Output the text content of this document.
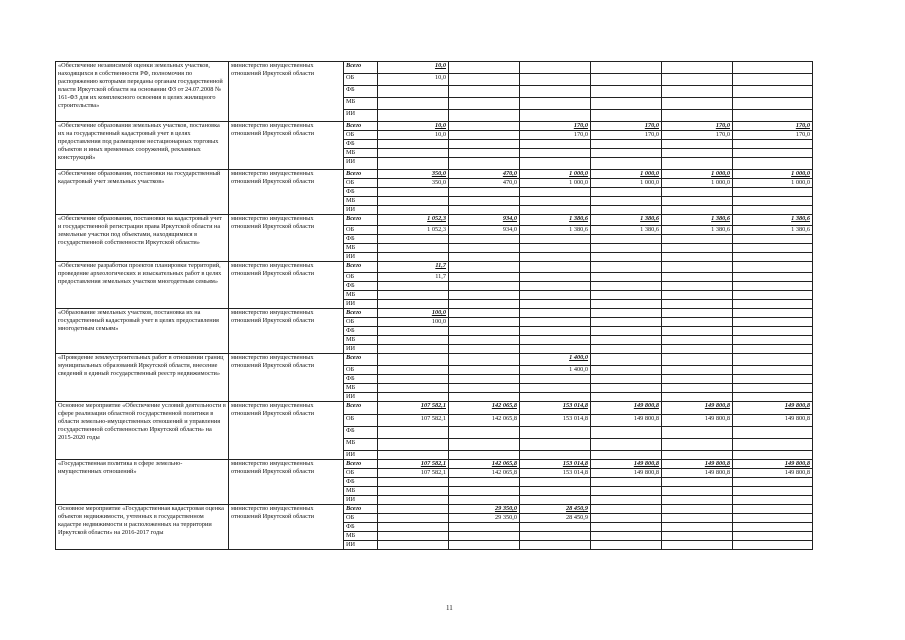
«Обеспечение независимой оценки земельных участков, находящихся в собственности РФ, полномочия по распоряжению которыми переданы органам государственной власти Иркутской области на основании ФЗ от 24.07.2008 № 161-ФЗ для их комплексного освоения в целях жилищного строительства»	министерство имущественных отношений Иркутской области	Всего	10,0					
		ОБ	10,0					
		ФБ						
		МБ						
		ИИ						
«Обеспечение образования земельных участков, постановка их на государственный кадастровый учет в целях предоставления под размещение нестационарных торговых объектов и иных временных сооружений, рекламных конструкций»	министерство имущественных отношений Иркутской области	Всего	10,0		170,0	170,0	170,0	170,0
		ОБ	10,0		170,0	170,0	170,0	170,0
		ФБ						
		МБ						
		ИИ						
«Обеспечение образования, постановки на государственный кадастровый учет земельных участков»	министерство имущественных отношений Иркутской области	Всего	350,0	470,0	1 000,0	1 000,0	1 000,0	1 000,0
		ОБ	350,0	470,0	1 000,0	1 000,0	1 000,0	1 000,0
		ФБ						
		МБ						
		ИИ						
«Обеспечение образования, постановки на кадастровый учет и государственной регистрации права Иркутской области на земельные участки под объектами, находящимися в государственной собственности Иркутской области»	министерство имущественных отношений Иркутской области	Всего	1 052,3	934,0	1 380,6	1 380,6	1 380,6	1 380,6
		ОБ	1 052,3	934,0	1 380,6	1 380,6	1 380,6	1 380,6
		ФБ						
		МБ						
		ИИ						
«Обеспечение разработки проектов планировки территорий, проведение археологических и изыскательных работ в целях предоставления земельных участков многодетным семьям»	министерство имущественных отношений Иркутской области	Всего	11,7					
		ОБ	11,7					
		ФБ						
		МБ						
		ИИ						
«Образование земельных участков, постановка их на государственный кадастровый учет в целях предоставления многодетным семьям»	министерство имущественных отношений Иркутской области	Всего	100,0					
		ОБ	100,0					
		ФБ						
		МБ						
		ИИ						
«Проведение землеустроительных работ в отношении границ муниципальных образований Иркутской области, внесение сведений в единый государственный реестр недвижимости»	министерство имущественных отношений Иркутской области	Всего			1 400,0			
		ОБ			1 400,0			
		ФБ						
		МБ						
		ИИ						
Основное мероприятие «Обеспечение условий деятельности в сфере реализации областной государственной политики в области земельно-имущественных отношений и управления государственной собственностью Иркутской области» на 2015-2020 годы	министерство имущественных отношений Иркутской области	Всего	107 582,1	142 065,8	153 014,8	149 800,8	149 800,8	149 800,8
		ОБ	107 582,1	142 065,8	153 014,8	149 800,8	149 800,8	149 800,8
		ФБ						
		МБ						
		ИИ						
«Государственная политика в сфере земельно-имущественных отношений»	министерство имущественных отношений Иркутской области	Всего	107 582,1	142 065,8	153 014,8	149 800,8	149 800,8	149 800,8
		ОБ	107 582,1	142 065,8	153 014,8	149 800,8	149 800,8	149 800,8
		ФБ						
		МБ						
		ИИ						
Основное мероприятие «Государственная кадастровая оценка объектов недвижимости, учтенных в государственном кадастре недвижимости и расположенных на территории Иркутской области» на 2016-2017 годы	министерство имущественных отношений Иркутской области	Всего		29 350,0	28 450,9			
		ОБ		29 350,0	28 450,9			
		ФБ						
		МБ						
		ИИ						
11
